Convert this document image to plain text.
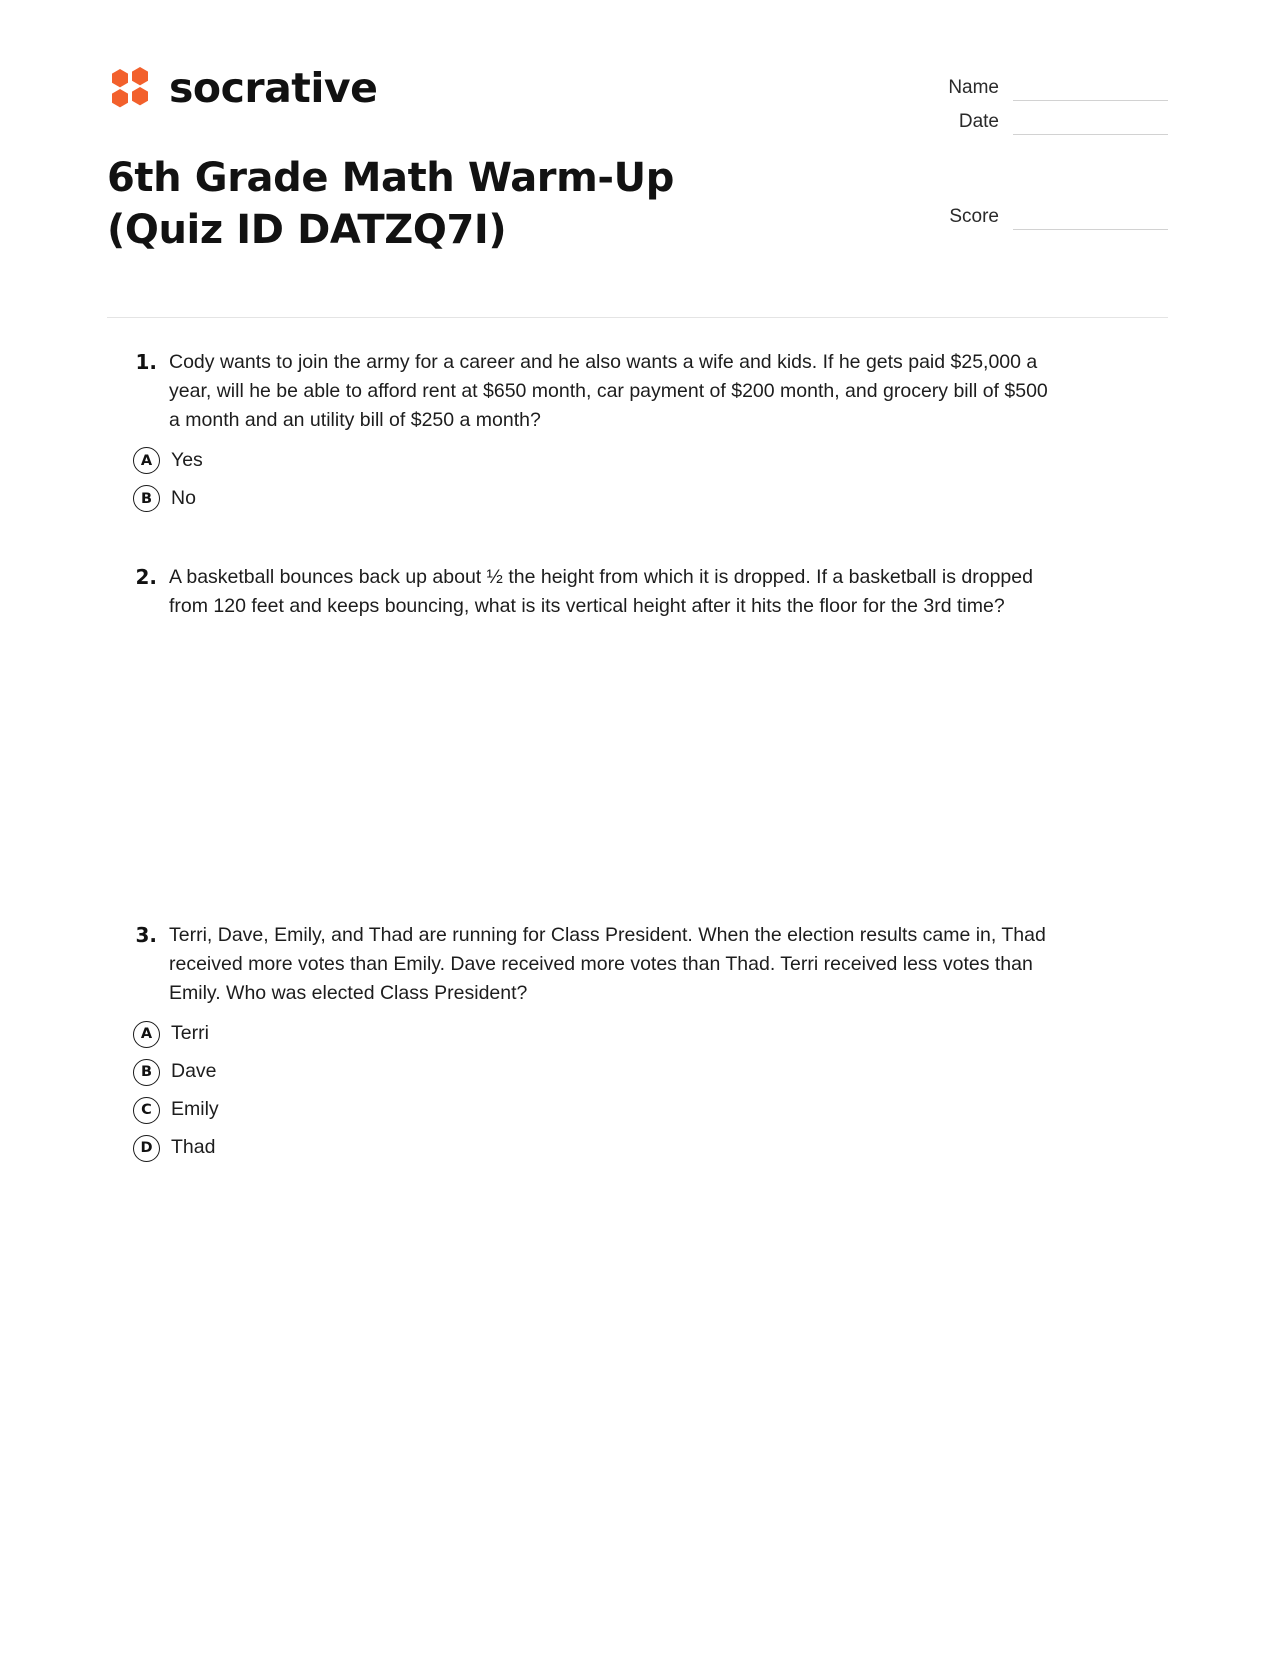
socrative
6th Grade Math Warm-Up (Quiz ID DATZQ7I)
Name
Date
Score
1. Cody wants to join the army for a career and he also wants a wife and kids. If he gets paid $25,000 a year, will he be able to afford rent at $650 month, car payment of $200 month, and grocery bill of $500 a month and an utility bill of $250 a month?
A Yes
B No
2. A basketball bounces back up about ½ the height from which it is dropped. If a basketball is dropped from 120 feet and keeps bouncing, what is its vertical height after it hits the floor for the 3rd time?
3. Terri, Dave, Emily, and Thad are running for Class President. When the election results came in, Thad received more votes than Emily. Dave received more votes than Thad. Terri received less votes than Emily. Who was elected Class President?
A Terri
B Dave
C Emily
D Thad
